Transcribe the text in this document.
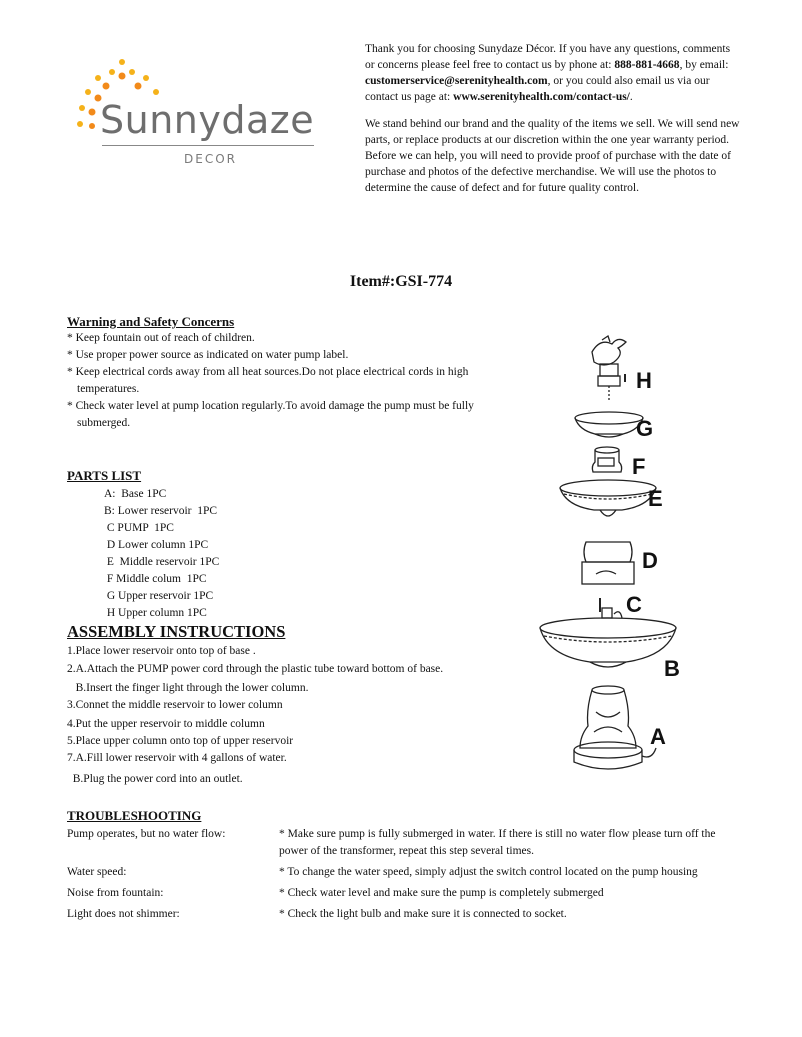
Sunnydaze
DECOR

Thank you for choosing Sunydaze Décor. If you have any questions, comments or concerns please feel free to contact us by phone at: 888-881-4668, by email: customerservice@serenityhealth.com, or you could also email us via our contact us page at: www.serenityhealth.com/contact-us/.

We stand behind our brand and the quality of the items we sell. We will send new parts, or replace products at our discretion within the one year warranty period. Before we can help, you will need to provide proof of purchase with the date of purchase and photos of the defective merchandise. We will use the photos to determine the cause of defect and for future quality control.

Item#:GSI-774
Warning and Safety Concerns
* Keep fountain out of reach of children.
* Use proper power source as indicated on water pump label.
* Keep electrical cords away from all heat sources.Do not place electrical cords in high temperatures.
* Check water level at pump location regularly.To avoid damage the pump must be fully submerged.
PARTS LIST
A:  Base 1PC
B: Lower reservoir  1PC
C PUMP  1PC
D Lower column 1PC
E  Middle reservoir 1PC
F Middle colum  1PC
G Upper reservoir 1PC
H Upper column 1PC
ASSEMBLY INSTRUCTIONS
1.Place lower reservoir onto top of base .
2.A.Attach the PUMP power cord through the plastic tube toward bottom of base.
B.Insert the finger light through the lower column.
3.Connet the middle reservoir to lower column
4.Put the upper reservoir to middle column
5.Place upper column onto top of upper reservoir
7.A.Fill lower reservoir with 4 gallons of water.
B.Plug the power cord into an outlet.
TROUBLESHOOTING
Pump operates, but no water flow:	* Make sure pump is fully submerged in water. If there is still no water flow please turn off the power of the transformer, repeat this step several times.
Water speed:	* To change the water speed, simply adjust the switch control located on the pump housing
Noise from fountain:	* Check water level and make sure the pump is completely submerged
Light does not shimmer:	* Check the light bulb and make sure it is connected to socket.
H
G
F
E
D
C
B
A
